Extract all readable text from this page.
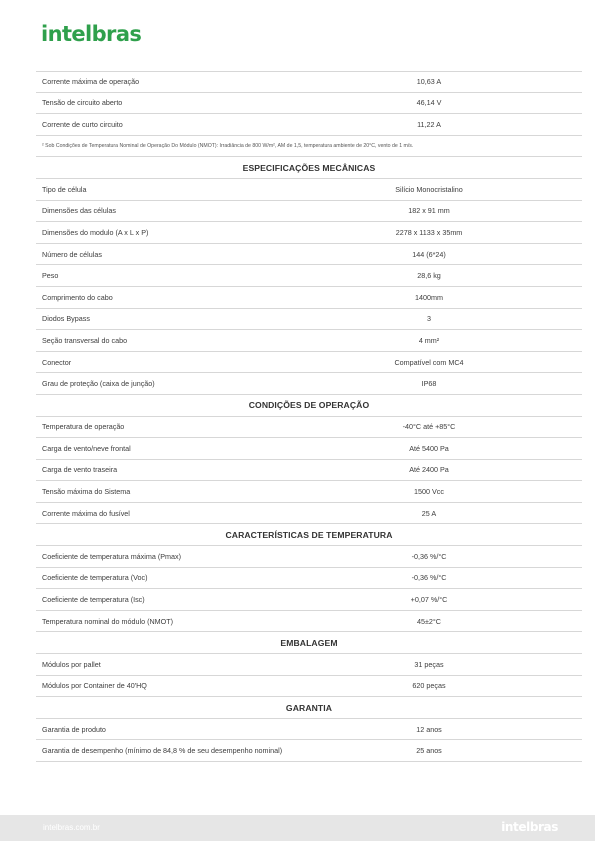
intelbras
Corrente máxima de operação	10,63 A
Tensão de circuito aberto	46,14 V
Corrente de curto circuito	11,22 A
² Sob Condições de Temperatura Nominal de Operação Do Módulo (NMOT): Irradiância de 800 W/m², AM de 1,5, temperatura ambiente de 20°C, vento de 1 m/s.
ESPECIFICAÇÕES MECÂNICAS
Tipo de célula	Silício Monocristalino
Dimensões das células	182 x 91 mm
Dimensões do modulo (A x L x P)	2278 x 1133 x 35mm
Número de células	144 (6*24)
Peso	28,6 kg
Comprimento do cabo	1400mm
Diodos Bypass	3
Seção transversal do cabo	4 mm²
Conector	Compatível com MC4
Grau de proteção (caixa de junção)	IP68
CONDIÇÕES DE OPERAÇÃO
Temperatura de operação	-40°C até +85°C
Carga de vento/neve frontal	Até 5400 Pa
Carga de vento traseira	Até 2400 Pa
Tensão máxima do Sistema	1500 Vcc
Corrente máxima do fusível	25 A
CARACTERÍSTICAS DE TEMPERATURA
Coeficiente de temperatura máxima (Pmax)	-0,36 %/°C
Coeficiente de temperatura (Voc)	-0,36 %/°C
Coeficiente de temperatura (Isc)	+0,07 %/°C
Temperatura nominal do módulo (NMOT)	45±2°C
EMBALAGEM
Módulos por pallet	31 peças
Módulos por Container de 40'HQ	620 peças
GARANTIA
Garantia de produto	12 anos
Garantia de desempenho (mínimo de 84,8 % de seu desempenho nominal)	25 anos
intelbras.com.br	intelbras
